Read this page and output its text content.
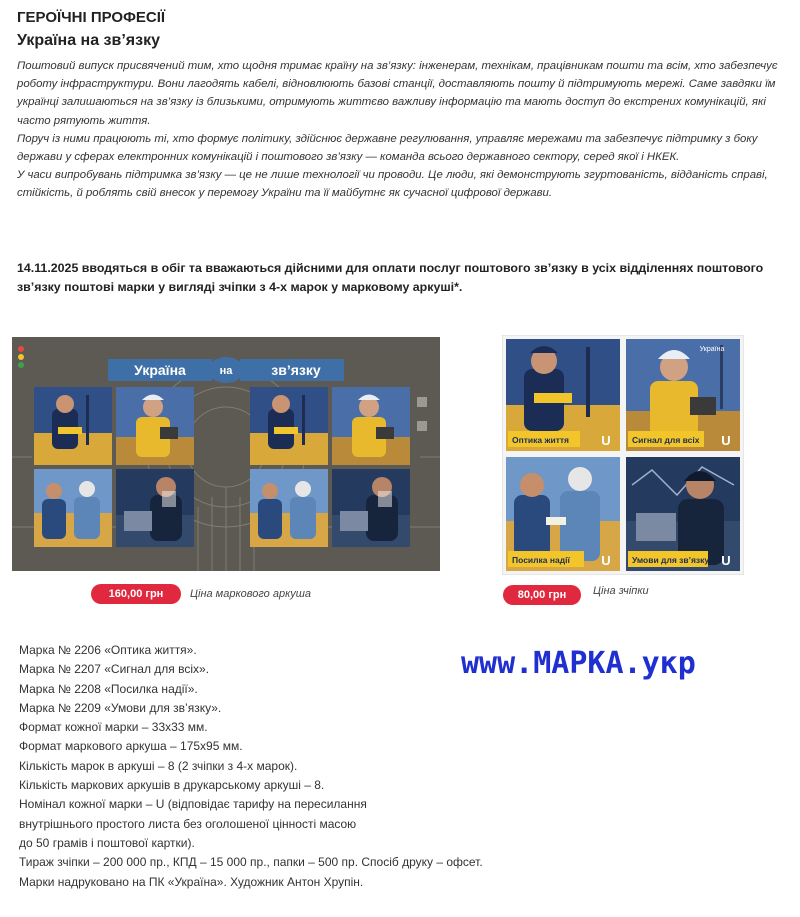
ГЕРОЇЧНІ ПРОФЕСІЇ
Україна на зв’язку

Поштовий випуск присвячений тим, хто щодня тримає країну на зв’язку: інженерам, технікам, працівникам пошти та всім, хто забезпечує роботу інфраструктури. Вони лагодять кабелі, відновлюють базові станції, доставляють пошту й підтримують мережі. Саме завдяки їм українці залишаються на зв’язку із близькими, отримують життєво важливу інформацію та мають доступ до екстрених комунікацій, які часто рятують життя.

Поруч із ними працюють ті, хто формує політику, здійснює державне регулювання, управляє мережами та забезпечує підтримку з боку держави у сферах електронних комунікацій і поштового зв’язку — команда всього державного сектору, серед якої і НКЕК.

У часи випробувань підтримка зв’язку — це не лише технології чи проводи. Це люди, які демонструють згуртованість, відданість справі, стійкість, й роблять свій внесок у перемогу України та її майбутнє як сучасної цифрової держави.

14.11.2025 вводяться в обіг та вважаються дійсними для оплати послуг поштового зв’язку в усіх відділеннях поштового зв’язку поштові марки у вигляді зчіпки з 4-х марок у марковому аркуші*.
Україна	на	зв’язку
160,00 грн	Ціна маркового аркуша
Оптика життя U
Україна
Сигнал для всіх U
Посилка надії U	Умови для зв’язку U
80,00 грн	Ціна зчіпки
Марка № 2206 «Оптика життя».
Марка № 2207 «Сигнал для всіх».
Марка № 2208 «Посилка надії».
Марка № 2209 «Умови для зв’язку».
Формат кожної марки – 33x33 мм.
Формат маркового аркуша – 175x95 мм.
Кількість марок в аркуші – 8 (2 зчіпки з 4-х марок).
Кількість маркових аркушів в друкарському аркуші – 8.
Номінал кожної марки – U (відповідає тарифу на пересилання
внутрішнього простого листа без оголошеної цінності масою
до 50 грамів і поштової картки).
Тираж зчіпки – 200 000 пр., КПД – 15 000 пр., папки – 500 пр. Спосіб друку – офсет.
Марки надруковано на ПК «Україна». Художник Антон Хрупін.
www.МАРКА.укр
